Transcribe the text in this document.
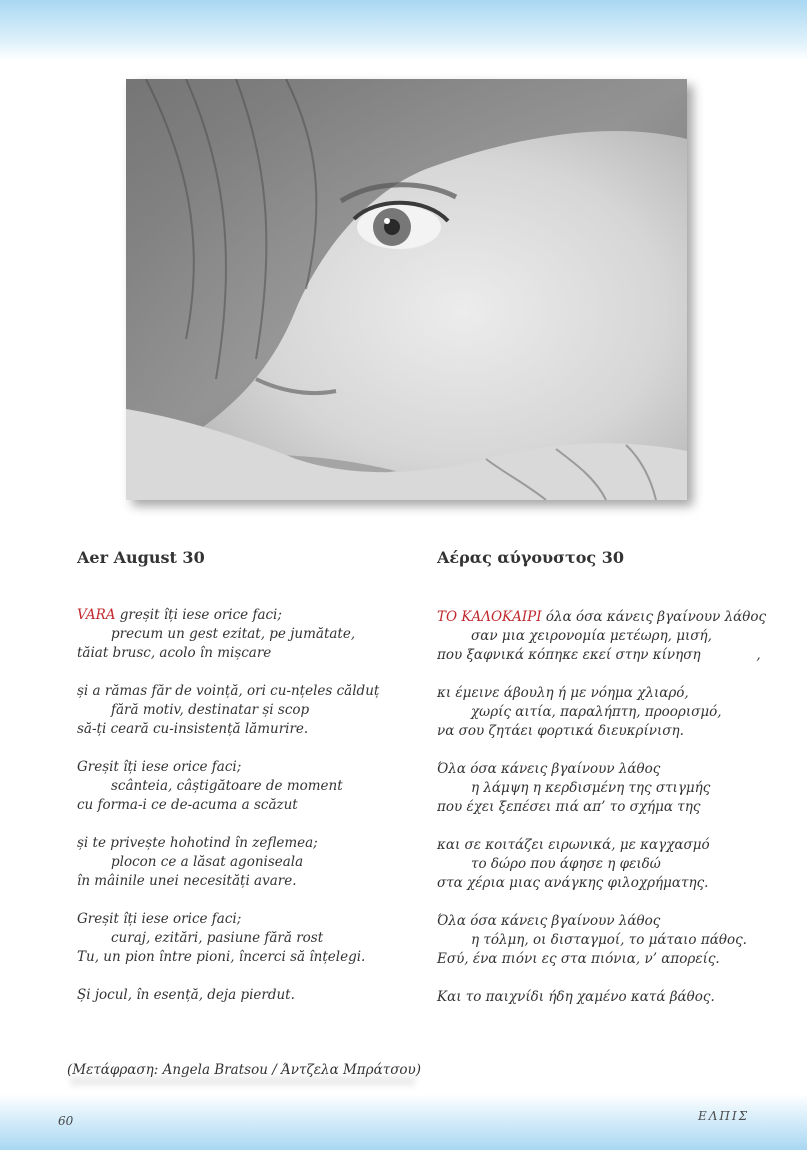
Aer August 30
VARA greșit îți iese orice faci;
precum un gest ezitat, pe jumătate,
tăiat brusc, acolo în mișcare
și a rămas făr de voință, ori cu-nțeles călduț
fără motiv, destinatar și scop
să-ți ceară cu-insistență lămurire.
Greșit îți iese orice faci;
scânteia, câștigătoare de moment
cu forma-i ce de-acuma a scăzut
și te privește hohotind în zeflemea;
plocon ce a lăsat agoniseala
în mâinile unei necesități avare.
Greșit îți iese orice faci;
curaj, ezitări, pasiune fără rost
Tu, un pion între pioni, încerci să înțelegi.
Și jocul, în esență, deja pierdut.
Αέρας αύγουστος 30
ΤΟ ΚΑΛΟΚΑΙΡΙ όλα όσα κάνεις βγαίνουν λάθος
σαν μια χειρονομία μετέωρη, μισή,
που ξαφνικά κόπηκε εκεί στην κίνηση             ,
κι έμεινε άβουλη ή με νόημα χλιαρό,
χωρίς αιτία, παραλήπτη, προορισμό,
να σου ζητάει φορτικά διευκρίνιση.
Όλα όσα κάνεις βγαίνουν λάθος
η λάμψη η κερδισμένη της στιγμής
που έχει ξεπέσει πιά απ’ το σχήμα της
και σε κοιτάζει ειρωνικά, με καγχασμό
το δώρο που άφησε η φειδώ
στα χέρια μιας ανάγκης φιλοχρήματης.
Όλα όσα κάνεις βγαίνουν λάθος
η τόλμη, οι δισταγμοί, το μάταιο πάθος.
Εσύ, ένα πιόνι ες στα πιόνια, ν’ απορείς.
Και το παιχνίδι ήδη χαμένο κατά βάθος.
(Μετάφραση: Angela Bratsou / Άντζελα Μπράτσου)
60	ΕΛΠΙΣ
